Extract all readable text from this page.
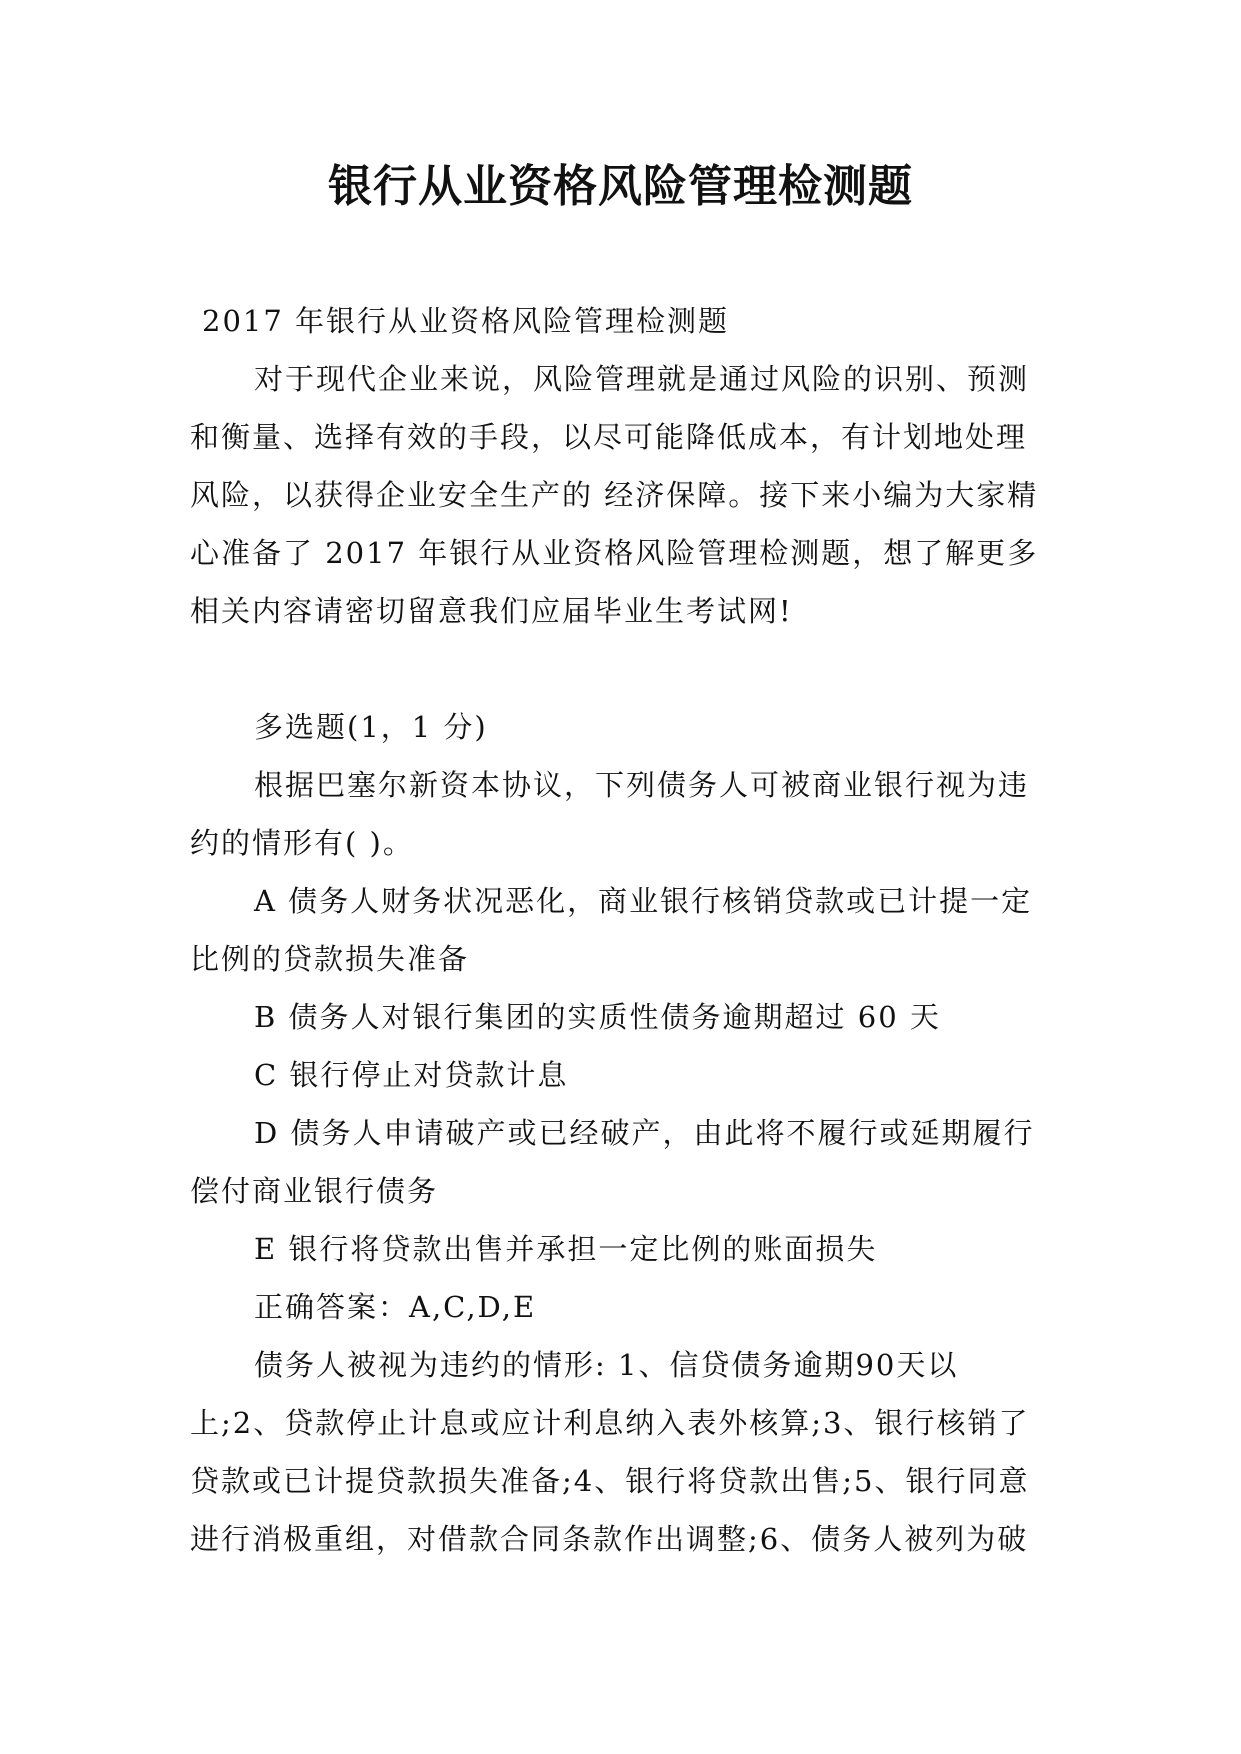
银行从业资格风险管理检测题

2017 年银行从业资格风险管理检测题

对于现代企业来说，风险管理就是通过风险的识别、预测和衡量、选择有效的手段，以尽可能降低成本，有计划地处理风险，以获得企业安全生产的 经济保障。接下来小编为大家精心准备了 2017 年银行从业资格风险管理检测题，想了解更多相关内容请密切留意我们应届毕业生考试网!

多选题(1，1 分)

根据巴塞尔新资本协议，下列债务人可被商业银行视为违约的情形有( )。

A 债务人财务状况恶化，商业银行核销贷款或已计提一定比例的贷款损失准备

B 债务人对银行集团的实质性债务逾期超过 60 天

C 银行停止对贷款计息

D 债务人申请破产或已经破产，由此将不履行或延期履行偿付商业银行债务

E 银行将贷款出售并承担一定比例的账面损失

正确答案：A,C,D,E

债务人被视为违约的情形: 1、信贷债务逾期90天以上;2、贷款停止计息或应计利息纳入表外核算;3、银行核销了贷款或已计提贷款损失准备;4、银行将贷款出售;5、银行同意进行消极重组，对借款合同条款作出调整;6、债务人被列为破
